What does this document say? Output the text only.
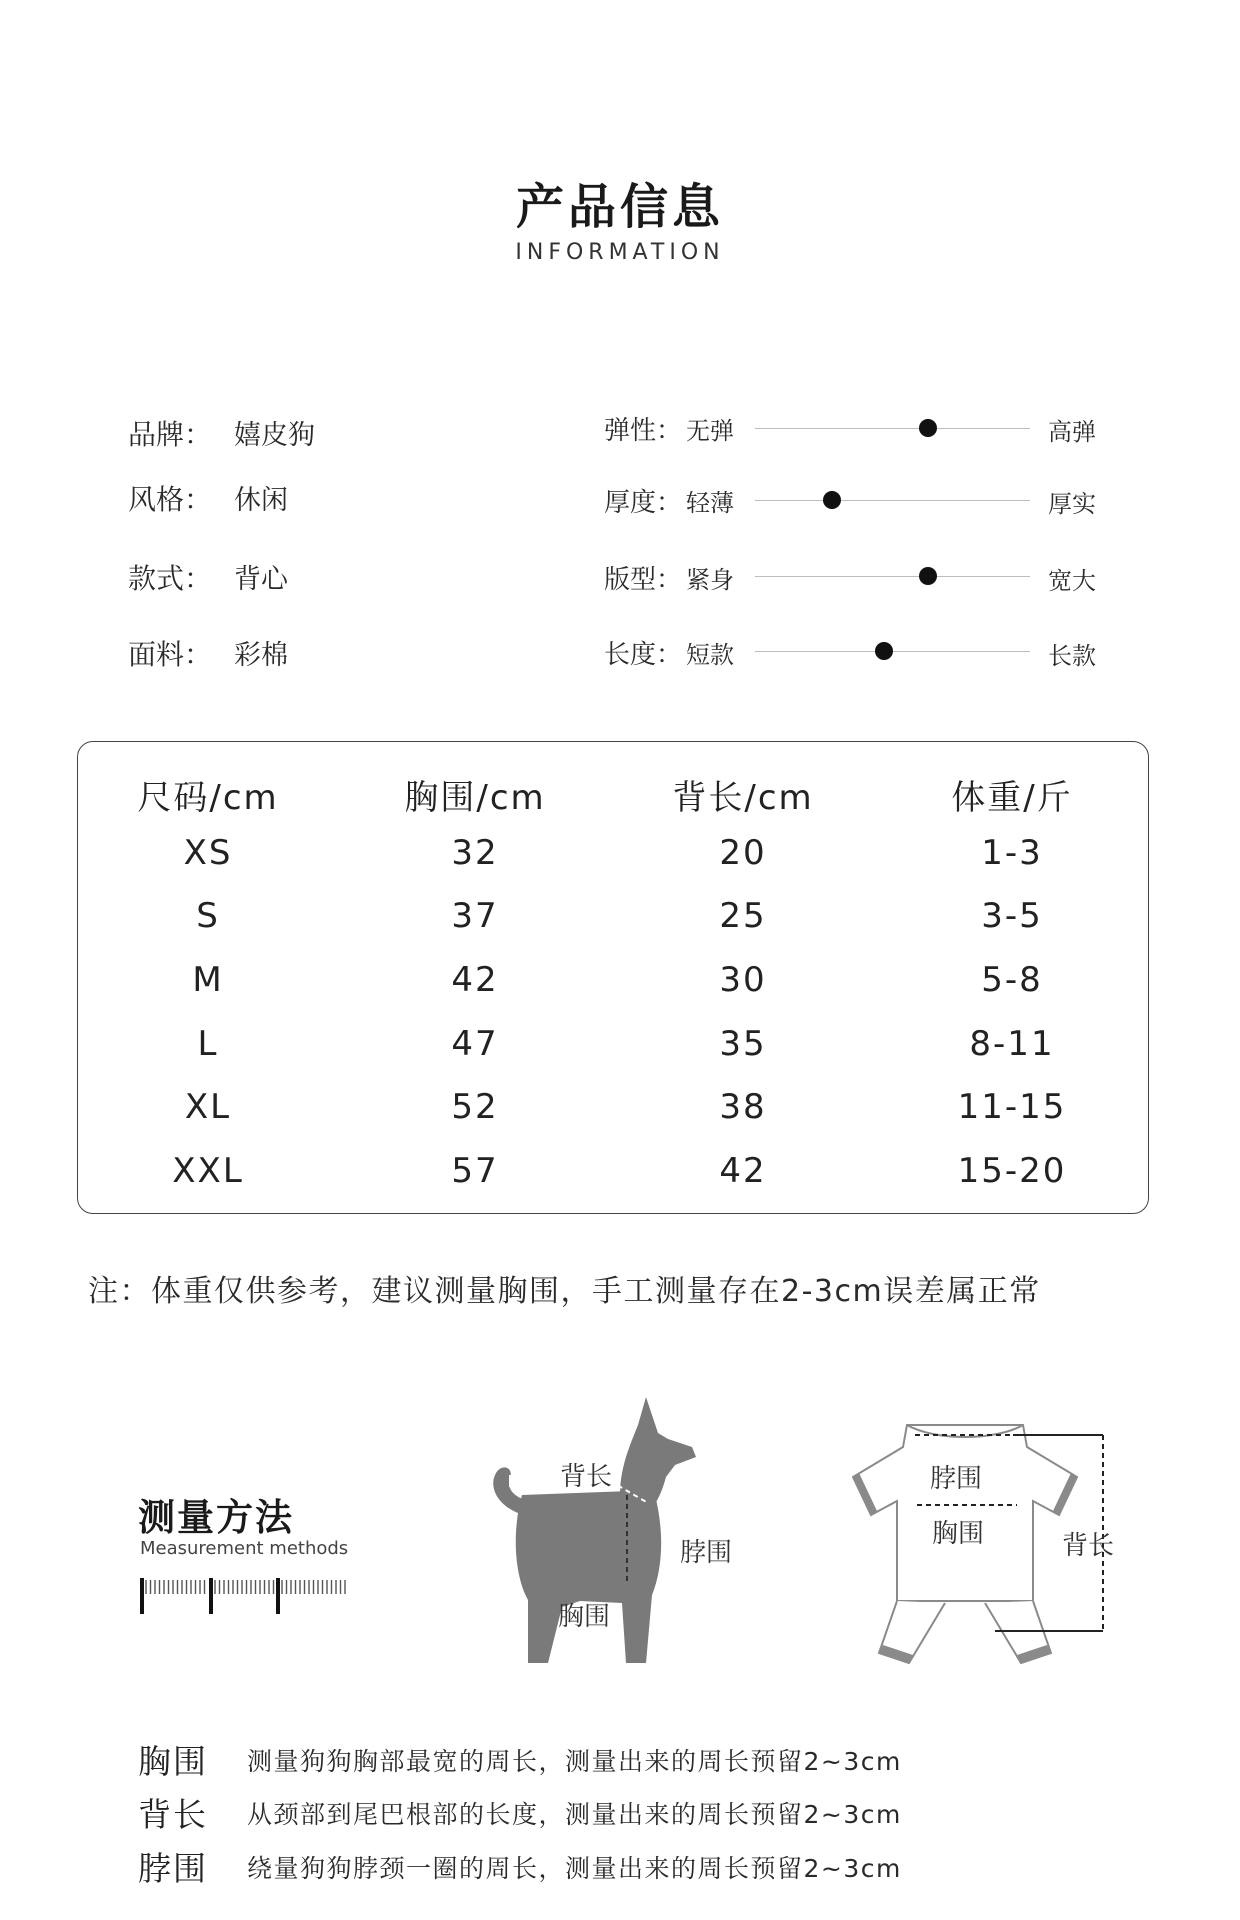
产品信息
INFORMATION
品牌： 嬉皮狗
风格： 休闲
款式： 背心
面料： 彩棉
弹性： 无弹	高弹
厚度： 轻薄	厚实
版型： 紧身	宽大
长度： 短款	长款
尺码/cm	胸围/cm	背长/cm	体重/斤
XS	32	20	1-3
S	37	25	3-5
M	42	30	5-8
L	47	35	8-11
XL	52	38	11-15
XXL	57	42	15-20
注：体重仅供参考，建议测量胸围，手工测量存在2-3cm误差属正常
测量方法
Measurement methods
背长
脖围
胸围
脖围
胸围	背长
胸围 测量狗狗胸部最宽的周长，测量出来的周长预留2~3cm
背长 从颈部到尾巴根部的长度，测量出来的周长预留2~3cm
脖围 绕量狗狗脖颈一圈的周长，测量出来的周长预留2~3cm
